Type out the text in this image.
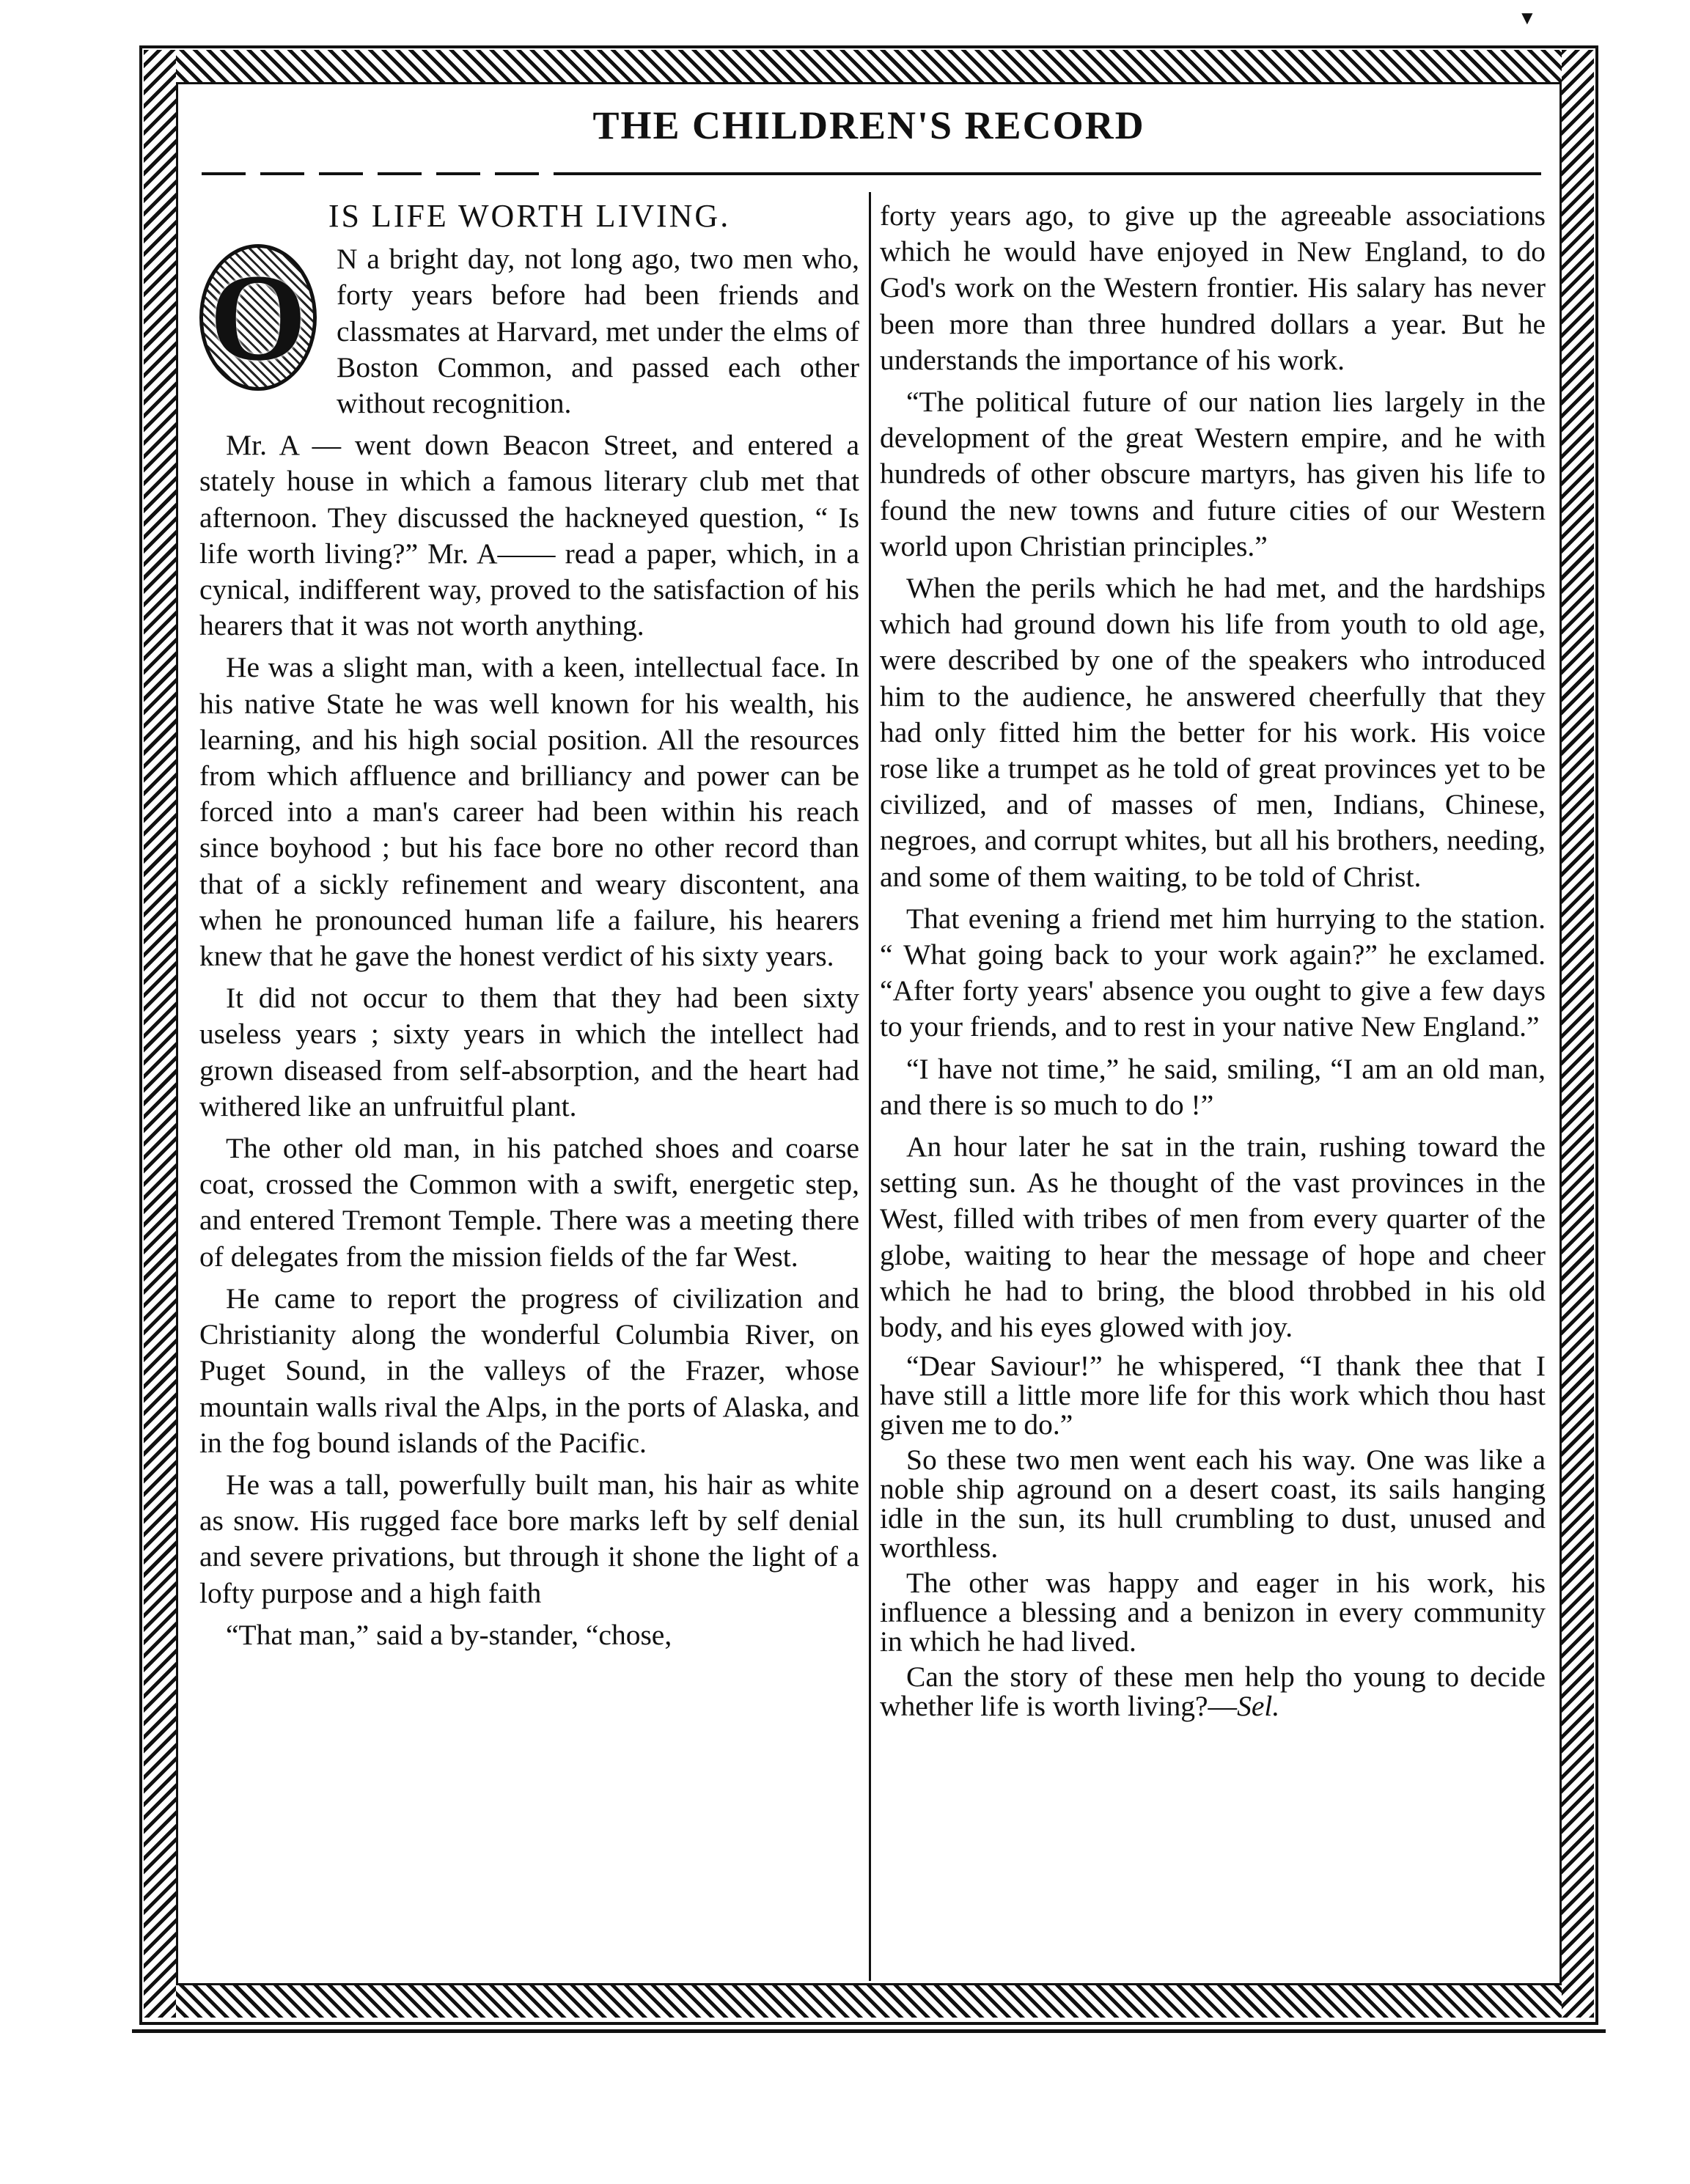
▼
THE CHILDREN'S RECORD
IS LIFE WORTH LIVING.
O	N a bright day, not long ago, two men who, forty years before had been friends and classmates at Harvard, met under the elms of Boston Common, and passed each other without recognition.

Mr. A — went down Beacon Street, and entered a stately house in which a famous literary club met that afternoon. They discussed the hackneyed question, “ Is life worth living?” Mr. A—— read a paper, which, in a cynical, indifferent way, proved to the satisfaction of his hearers that it was not worth anything.

He was a slight man, with a keen, intellectual face. In his native State he was well known for his wealth, his learning, and his high social position. All the resources from which affluence and brilliancy and power can be forced into a man's career had been within his reach since boyhood ; but his face bore no other record than that of a sickly refinement and weary discontent, ana when he pronounced human life a failure, his hearers knew that he gave the honest verdict of his sixty years.

It did not occur to them that they had been sixty useless years ; sixty years in which the intellect had grown diseased from self-absorption, and the heart had withered like an unfruitful plant.

The other old man, in his patched shoes and coarse coat, crossed the Common with a swift, energetic step, and entered Tremont Temple. There was a meeting there of delegates from the mission fields of the far West.

He came to report the progress of civilization and Christianity along the wonderful Columbia River, on Puget Sound, in the valleys of the Frazer, whose mountain walls rival the Alps, in the ports of Alaska, and in the fog bound islands of the Pacific.

He was a tall, powerfully built man, his hair as white as snow. His rugged face bore marks left by self denial and severe privations, but through it shone the light of a lofty purpose and a high faith

“That man,” said a by-stander, “chose,

forty years ago, to give up the agreeable associations which he would have enjoyed in New England, to do God's work on the Western frontier. His salary has never been more than three hundred dollars a year. But he understands the importance of his work.

“The political future of our nation lies largely in the development of the great Western empire, and he with hundreds of other obscure martyrs, has given his life to found the new towns and future cities of our Western world upon Christian principles.”

When the perils which he had met, and the hardships which had ground down his life from youth to old age, were described by one of the speakers who introduced him to the audience, he answered cheerfully that they had only fitted him the better for his work. His voice rose like a trumpet as he told of great provinces yet to be civilized, and of masses of men, Indians, Chinese, negroes, and corrupt whites, but all his brothers, needing, and some of them waiting, to be told of Christ.

That evening a friend met him hurrying to the station. “ What going back to your work again?” he exclamed. “After forty years' absence you ought to give a few days to your friends, and to rest in your native New England.”

“I have not time,” he said, smiling, “I am an old man, and there is so much to do !”

An hour later he sat in the train, rushing toward the setting sun. As he thought of the vast provinces in the West, filled with tribes of men from every quarter of the globe, waiting to hear the message of hope and cheer which he had to bring, the blood throbbed in his old body, and his eyes glowed with joy.

“Dear Saviour!” he whispered, “I thank thee that I have still a little more life for this work which thou hast given me to do.”

So these two men went each his way. One was like a noble ship aground on a desert coast, its sails hanging idle in the sun, its hull crumbling to dust, unused and worthless.

The other was happy and eager in his work, his influence a blessing and a benizon in every community in which he had lived.

Can the story of these men help tho young to decide whether life is worth living?—Sel.
